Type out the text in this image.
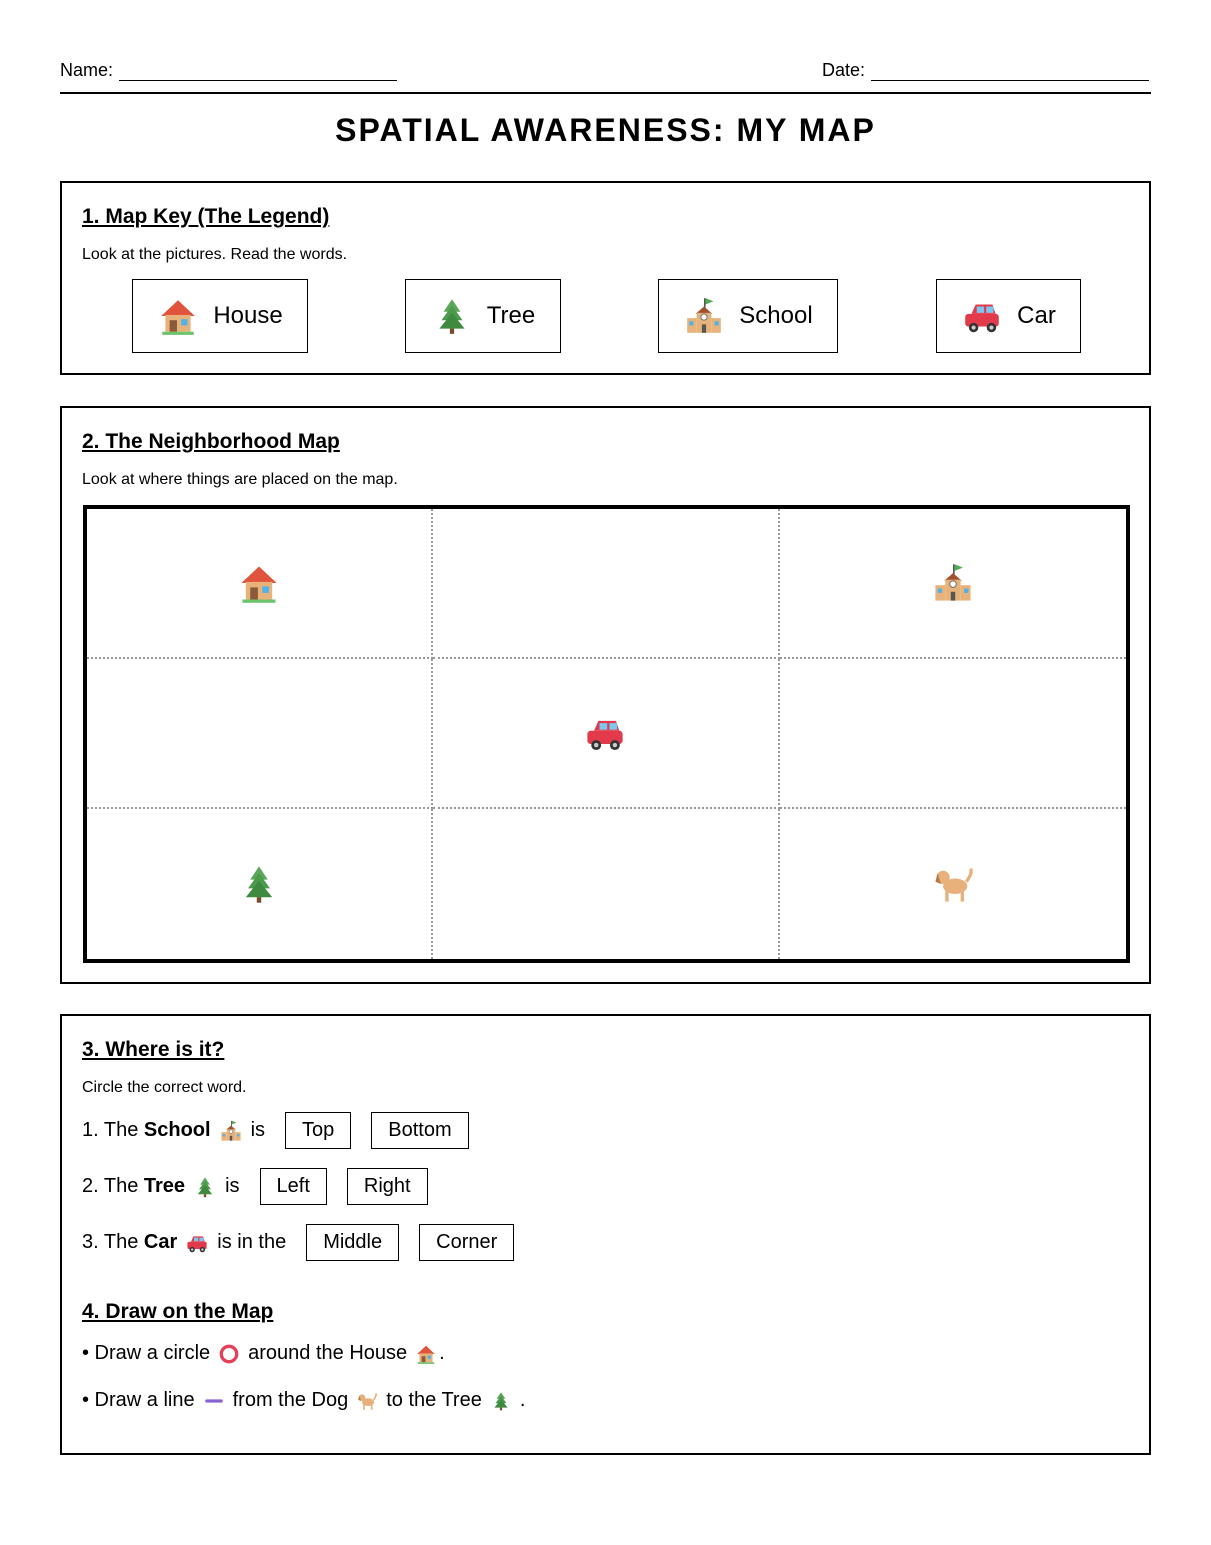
Name:	Date:
SPATIAL AWARENESS: MY MAP
1. Map Key (The Legend)
Look at the pictures. Read the words.
House	Tree	School	Car
2. The Neighborhood Map
Look at where things are placed on the map.
3. Where is it?
Circle the correct word.
1. The
School is	Top	Bottom
2. The
Tree is	Left	Right
3. The
Car is in the	Middle	Corner
4. Draw on the Map
• Draw a circle around the House .
• Draw a line from the Dog to the Tree .
